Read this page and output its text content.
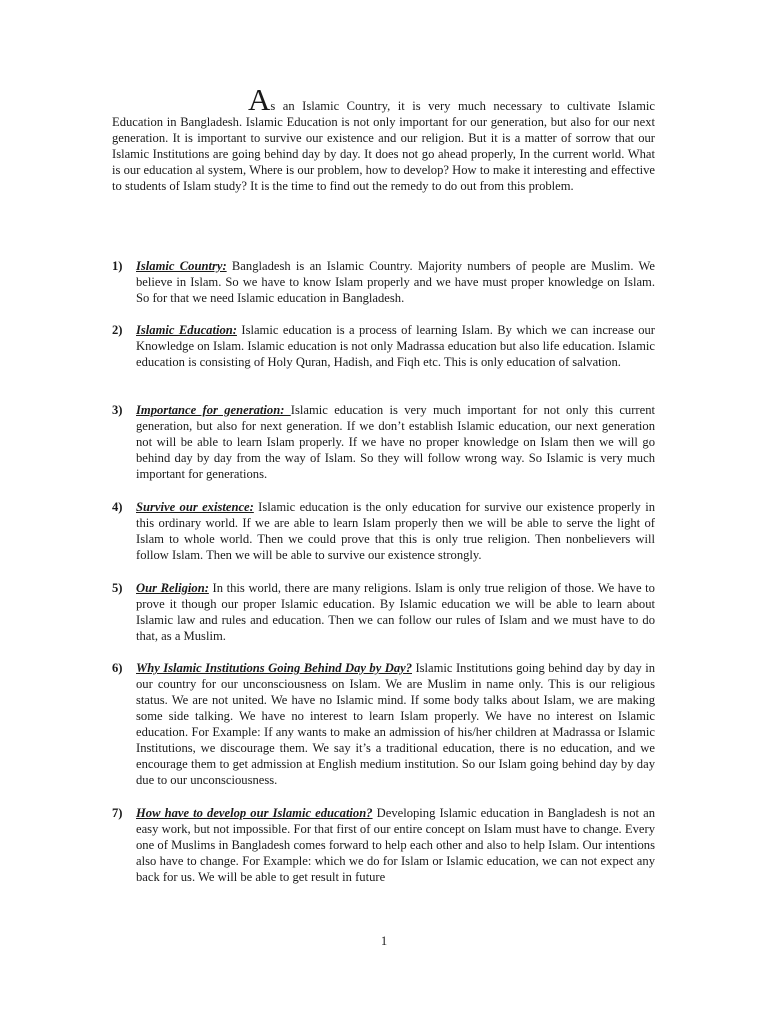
As an Islamic Country, it is very much necessary to cultivate Islamic Education in Bangladesh. Islamic Education is not only important for our generation, but also for our next generation. It is important to survive our existence and our religion. But it is a matter of sorrow that our Islamic Institutions are going behind day by day. It does not go ahead properly, In the current world. What is our education al system, Where is our problem, how to develop? How to make it interesting and effective to students of Islam study? It is the time to find out the remedy to do out from this problem.
1) Islamic Country: Bangladesh is an Islamic Country. Majority numbers of people are Muslim. We believe in Islam. So we have to know Islam properly and we have must proper knowledge on Islam. So for that we need Islamic education in Bangladesh.
2) Islamic Education: Islamic education is a process of learning Islam. By which we can increase our Knowledge on Islam. Islamic education is not only Madrassa education but also life education. Islamic education is consisting of Holy Quran, Hadish, and Fiqh etc. This is only education of salvation.
3) Importance for generation: Islamic education is very much important for not only this current generation, but also for next generation. If we don’t establish Islamic education, our next generation not will be able to learn Islam properly. If we have no proper knowledge on Islam then we will go behind day by day from the way of Islam. So they will follow wrong way. So Islamic is very much important for generations.
4) Survive our existence: Islamic education is the only education for survive our existence properly in this ordinary world. If we are able to learn Islam properly then we will be able to serve the light of Islam to whole world. Then we could prove that this is only true religion. Then nonbelievers will follow Islam. Then we will be able to survive our existence strongly.
5) Our Religion: In this world, there are many religions. Islam is only true religion of those. We have to prove it though our proper Islamic education. By Islamic education we will be able to learn about Islamic law and rules and education. Then we can follow our rules of Islam and we must have to do that, as a Muslim.
6) Why Islamic Institutions Going Behind Day by Day? Islamic Institutions going behind day by day in our country for our unconsciousness on Islam. We are Muslim in name only. This is our religious status. We are not united. We have no Islamic mind. If some body talks about Islam, we are making some side talking. We have no interest to learn Islam properly. We have no interest on Islamic education. For Example: If any wants to make an admission of his/her children at Madrassa or Islamic Institutions, we discourage them. We say it’s a traditional education, there is no education, and we encourage them to get admission at English medium institution. So our Islam going behind day by day due to our unconsciousness.
7) How have to develop our Islamic education? Developing Islamic education in Bangladesh is not an easy work, but not impossible. For that first of our entire concept on Islam must have to change. Every one of Muslims in Bangladesh comes forward to help each other and also to help Islam. Our intentions also have to change. For Example: which we do for Islam or Islamic education, we can not expect any back for us. We will be able to get result in future
1
